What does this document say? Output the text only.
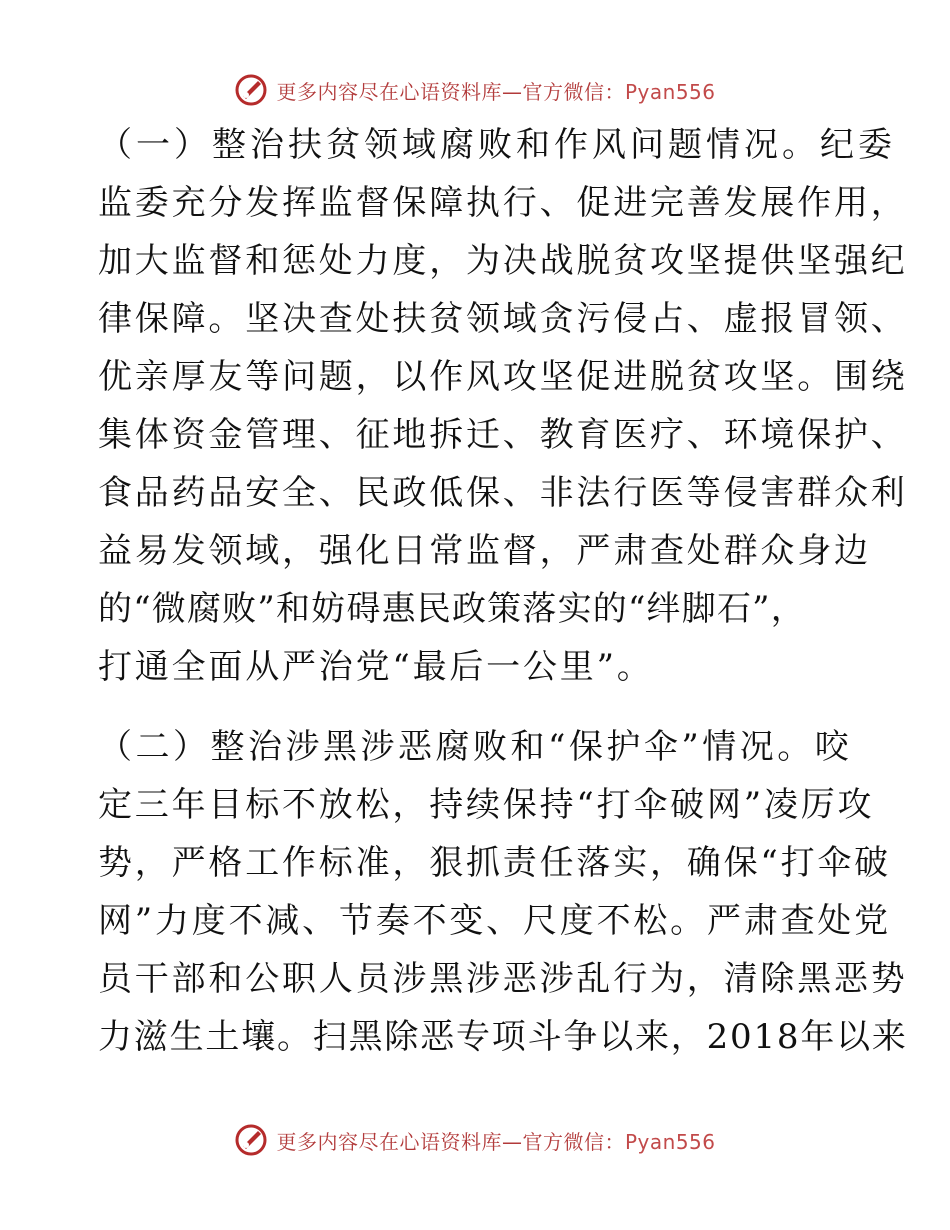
更多内容尽在心语资料库—官方微信：Pyan556
（一）整治扶贫领域腐败和作风问题情况。纪委
监委充分发挥监督保障执行、促进完善发展作用，
加大监督和惩处力度，为决战脱贫攻坚提供坚强纪
律保障。坚决查处扶贫领域贪污侵占、虚报冒领、
优亲厚友等问题，以作风攻坚促进脱贫攻坚。围绕
集体资金管理、征地拆迁、教育医疗、环境保护、
食品药品安全、民政低保、非法行医等侵害群众利
益易发领域，强化日常监督，严肃查处群众身边
的“微腐败”和妨碍惠民政策落实的“绊脚石”，
打通全面从严治党“最后一公里”。
（二）整治涉黑涉恶腐败和“保护伞”情况。咬
定三年目标不放松，持续保持“打伞破网”凌厉攻
势，严格工作标准，狠抓责任落实，确保“打伞破
网”力度不减、节奏不变、尺度不松。严肃查处党
员干部和公职人员涉黑涉恶涉乱行为，清除黑恶势
力滋生土壤。扫黑除恶专项斗争以来，2018年以来
更多内容尽在心语资料库—官方微信：Pyan556
